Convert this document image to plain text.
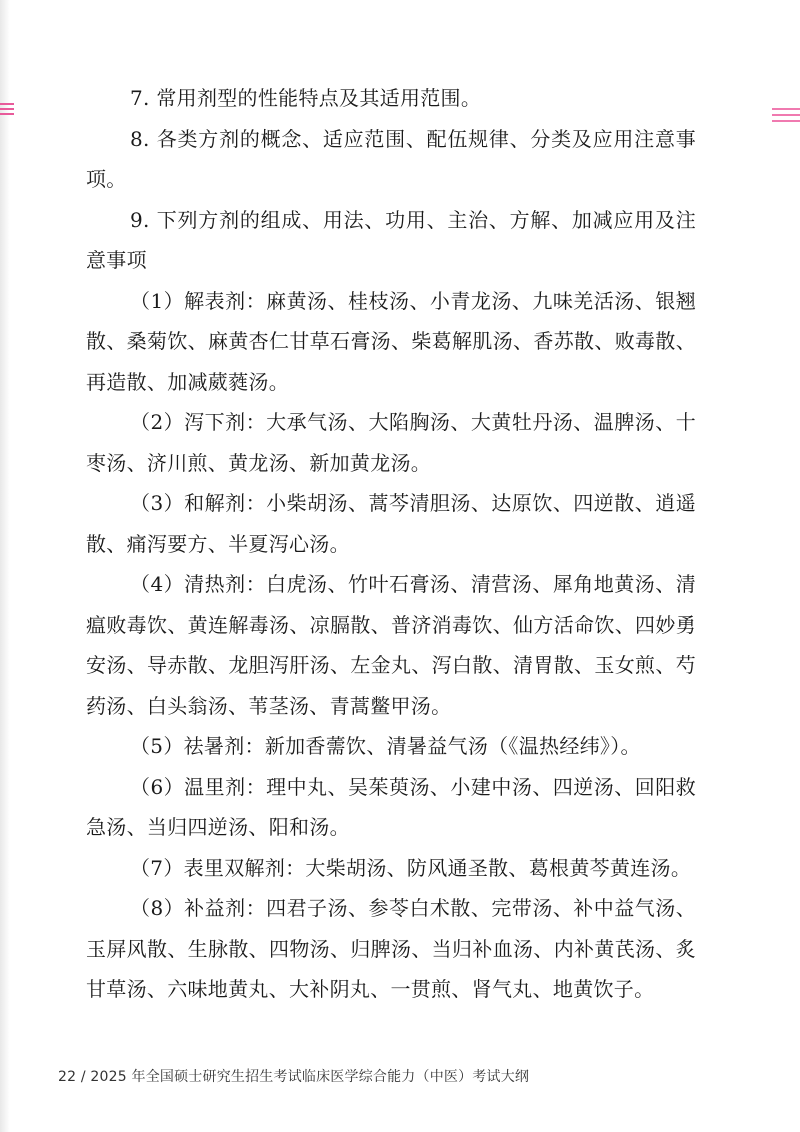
7. 常用剂型的性能特点及其适用范围。

8. 各类方剂的概念、适应范围、配伍规律、分类及应用注意事项。

9. 下列方剂的组成、用法、功用、主治、方解、加减应用及注意事项

（1）解表剂：麻黄汤、桂枝汤、小青龙汤、九味羌活汤、银翘散、桑菊饮、麻黄杏仁甘草石膏汤、柴葛解肌汤、香苏散、败毒散、再造散、加减葳蕤汤。

（2）泻下剂：大承气汤、大陷胸汤、大黄牡丹汤、温脾汤、十枣汤、济川煎、黄龙汤、新加黄龙汤。

（3）和解剂：小柴胡汤、蒿芩清胆汤、达原饮、四逆散、逍遥散、痛泻要方、半夏泻心汤。

（4）清热剂：白虎汤、竹叶石膏汤、清营汤、犀角地黄汤、清瘟败毒饮、黄连解毒汤、凉膈散、普济消毒饮、仙方活命饮、四妙勇安汤、导赤散、龙胆泻肝汤、左金丸、泻白散、清胃散、玉女煎、芍药汤、白头翁汤、苇茎汤、青蒿鳖甲汤。

（5）祛暑剂：新加香薷饮、清暑益气汤（《温热经纬》）。

（6）温里剂：理中丸、吴茱萸汤、小建中汤、四逆汤、回阳救急汤、当归四逆汤、阳和汤。

（7）表里双解剂：大柴胡汤、防风通圣散、葛根黄芩黄连汤。

（8）补益剂：四君子汤、参苓白术散、完带汤、补中益气汤、玉屏风散、生脉散、四物汤、归脾汤、当归补血汤、内补黄芪汤、炙甘草汤、六味地黄丸、大补阴丸、一贯煎、肾气丸、地黄饮子。

22 / 2025 年全国硕士研究生招生考试临床医学综合能力（中医）考试大纲
